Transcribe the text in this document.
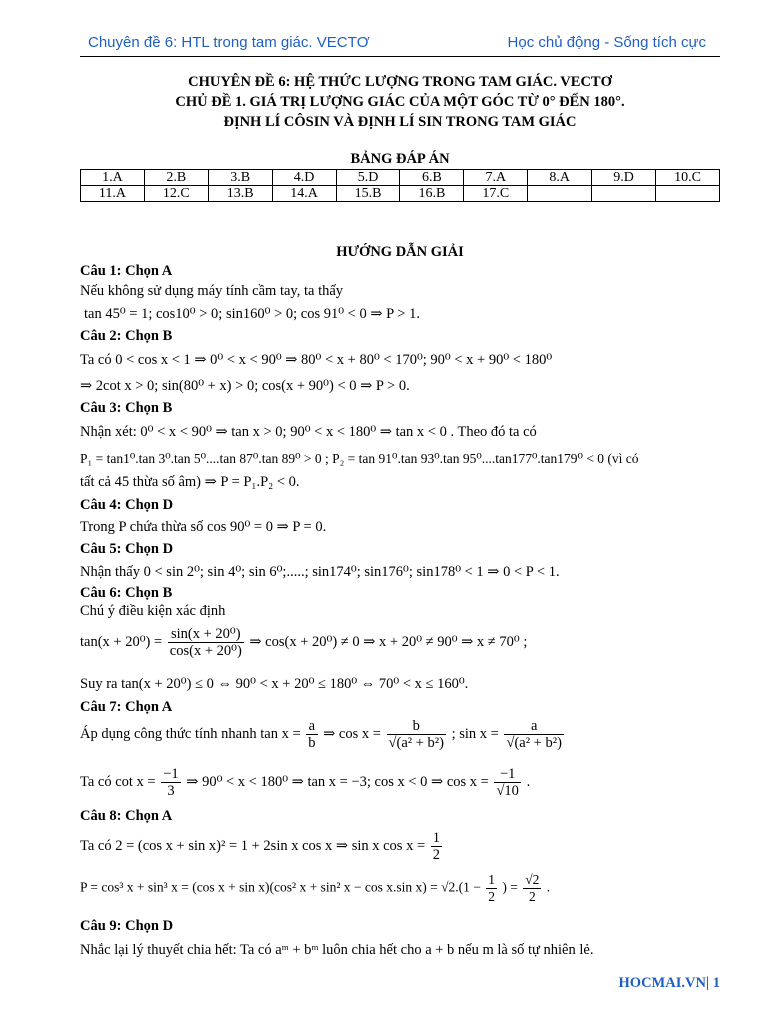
Chuyên đề 6: HTL trong tam giác. VECTƠ	Học chủ động - Sống tích cực
CHUYÊN ĐỀ 6: HỆ THỨC LƯỢNG TRONG TAM GIÁC. VECTƠ
CHỦ ĐỀ 1. GIÁ TRỊ LƯỢNG GIÁC CỦA MỘT GÓC TỪ 0° ĐẾN 180°.
ĐỊNH LÍ CÔSIN VÀ ĐỊNH LÍ SIN TRONG TAM GIÁC
BẢNG ĐÁP ÁN
1.A	2.B	3.B	4.D	5.D	6.B	7.A	8.A	9.D	10.C
11.A	12.C	13.B	14.A	15.B	16.B	17.C			
HƯỚNG DẪN GIẢI
Câu 1: Chọn A
Nếu không sử dụng máy tính cầm tay, ta thấy
tan 45⁰ = 1; cos10⁰ > 0; sin160⁰ > 0; cos 91⁰ < 0 ⇒ P > 1.
Câu 2: Chọn B
Ta có 0 < cos x < 1 ⇒ 0⁰ < x < 90⁰ ⇒ 80⁰ < x + 80⁰ < 170⁰; 90⁰ < x + 90⁰ < 180⁰
⇒ 2cot x > 0; sin(80⁰ + x) > 0; cos(x + 90⁰) < 0 ⇒ P > 0.
Câu 3: Chọn B
Nhận xét: 0⁰ < x < 90⁰ ⇒ tan x > 0; 90⁰ < x < 180⁰ ⇒ tan x < 0 . Theo đó ta có
P₁ = tan1⁰.tan 3⁰.tan 5⁰....tan 87⁰.tan 89⁰ > 0 ; P₂ = tan 91⁰.tan 93⁰.tan 95⁰....tan177⁰.tan179⁰ < 0 (vì có
tất cả 45 thừa số âm) ⇒ P = P₁.P₂ < 0.
Câu 4: Chọn D
Trong P chứa thừa số cos 90⁰ = 0 ⇒ P = 0.
Câu 5: Chọn D
Nhận thấy 0 < sin 2⁰; sin 4⁰; sin 6⁰;.....; sin174⁰; sin176⁰; sin178⁰ < 1 ⇒ 0 < P < 1.
Câu 6: Chọn B
Chú ý điều kiện xác định
$\tan(x + 20^0) = \frac{\text{sin(x + 20⁰)}}{\text{cos(x + 20⁰)}}$ ⇒ cos(x + 20⁰) ≠ 0 ⇒ x + 20⁰ ≠ 90⁰ ⇒ x ≠ 70⁰ ;
Suy ra tan(x + 20⁰) ≤ 0 ⇔ 90⁰ < x + 20⁰ ≤ 180⁰ ⇔ 70⁰ < x ≤ 160⁰.
Câu 7: Chọn A
Áp dụng công thức tính nhanh $\tan x = \frac{a}{b}$ ⇒ $\cos x = \frac{b}{\text{√(a² + b²)}}$ ; $\sin x = \frac{a}{\text{√(a² + b²)}}$
Ta có $\cot x = \frac{-1}{3}$ ⇒ 90⁰ < x < 180⁰ ⇒ tan x = −3; cos x < 0 ⇒ $\cos x = \frac{-1}{√10}$ .
Câu 8: Chọn A
Ta có 2 = (cos x + sin x)² = 1 + 2sin x cos x ⇒ sin x $\cos x = \frac{1}{2}$
P = cos³ x + sin³ x = (cos x + sin x)(cos² x + sin² x − cos x.sin $x) = √2.(1 - \frac{1}{2}$ ) = $\frac{√2}{2}$ .
Câu 9: Chọn D
Nhắc lại lý thuyết chia hết: Ta có aᵐ + bᵐ luôn chia hết cho a + b nếu m là số tự nhiên lẻ.
HOCMAI.VN| 1
